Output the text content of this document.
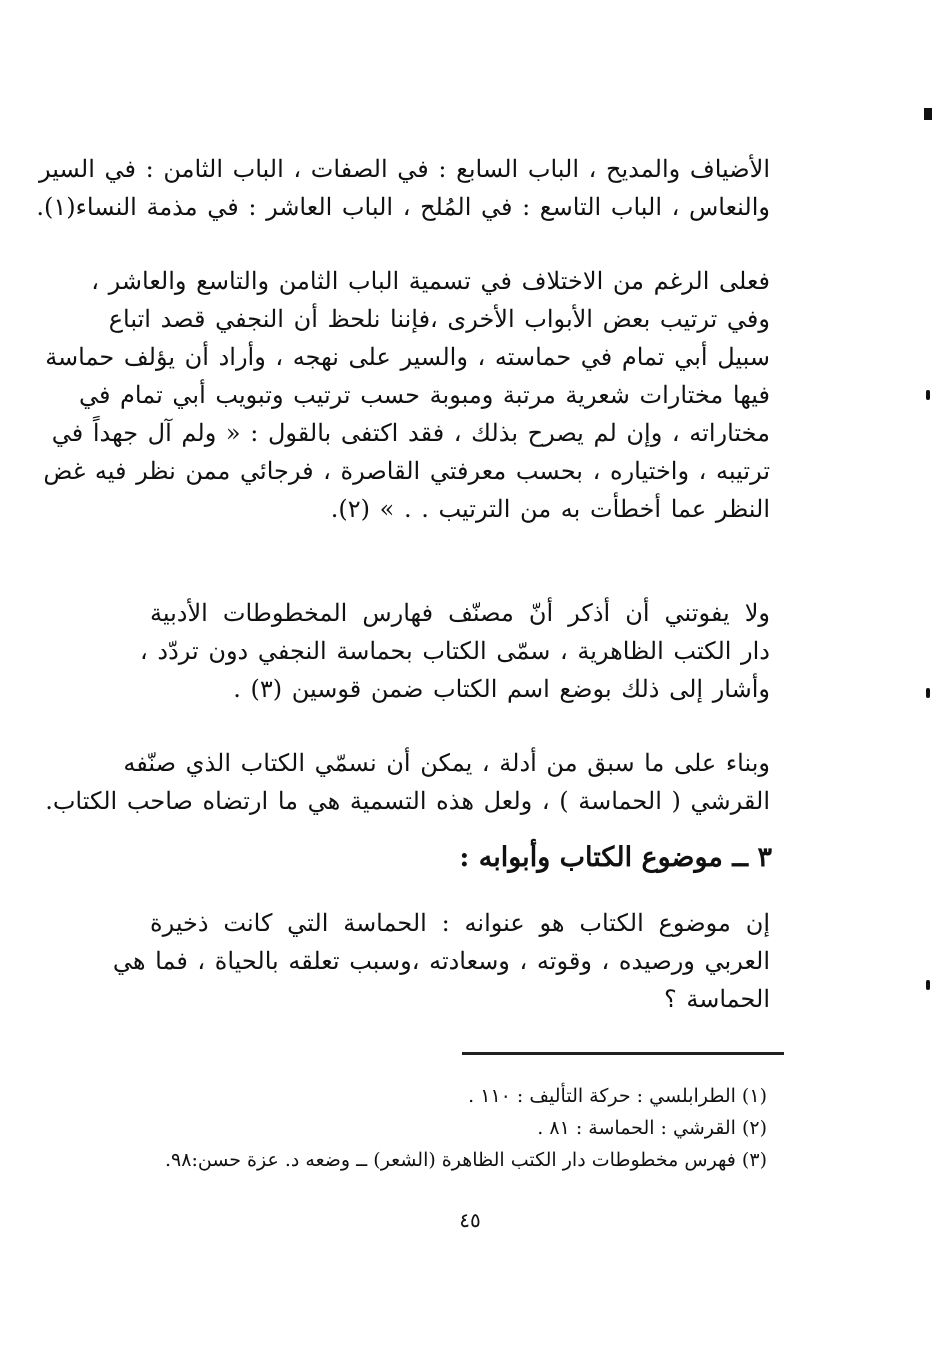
الأضياف والمديح ، الباب السابع : في الصفات ، الباب الثامن : في السير
والنعاس ، الباب التاسع : في المُلح ، الباب العاشر : في مذمة النساء(١).
فعلى الرغم من الاختلاف في تسمية الباب الثامن والتاسع والعاشر ،
وفي ترتيب بعض الأبواب الأخرى ،فإننا نلحظ أن النجفي قصد اتباع
سبيل أبي تمام في حماسته ، والسير على نهجه ، وأراد أن يؤلف حماسة
فيها مختارات شعرية مرتبة ومبوبة حسب ترتيب وتبويب أبي تمام في
مختاراته ، وإن لم يصرح بذلك ، فقد اكتفى بالقول : « ولم آل جهداً في
ترتيبه ، واختياره ، بحسب معرفتي القاصرة ، فرجائي ممن نظر فيه غض
النظر عما أخطأت به من الترتيب . . » (٢).
ولا يفوتني أن أذكر أنّ مصنّف فهارس المخطوطات الأدبية
دار الكتب الظاهرية ، سمّى الكتاب بحماسة النجفي دون تردّد ،
وأشار إلى ذلك بوضع اسم الكتاب ضمن قوسين (٣) .
وبناء على ما سبق من أدلة ، يمكن أن نسمّي الكتاب الذي صنّفه
القرشي ( الحماسة ) ، ولعل هذه التسمية هي ما ارتضاه صاحب الكتاب.
٣ ــ موضوع الكتاب وأبوابه :
إن موضوع الكتاب هو عنوانه : الحماسة التي كانت ذخيرة
العربي ورصيده ، وقوته ، وسعادته ،وسبب تعلقه بالحياة ، فما هي
الحماسة ؟
(١) الطرابلسي : حركة التأليف : ١١٠ .
(٢) القرشي : الحماسة : ٨١ .
(٣) فهرس مخطوطات دار الكتب الظاهرة (الشعر) ــ وضعه د. عزة حسن:٩٨.
٤٥
